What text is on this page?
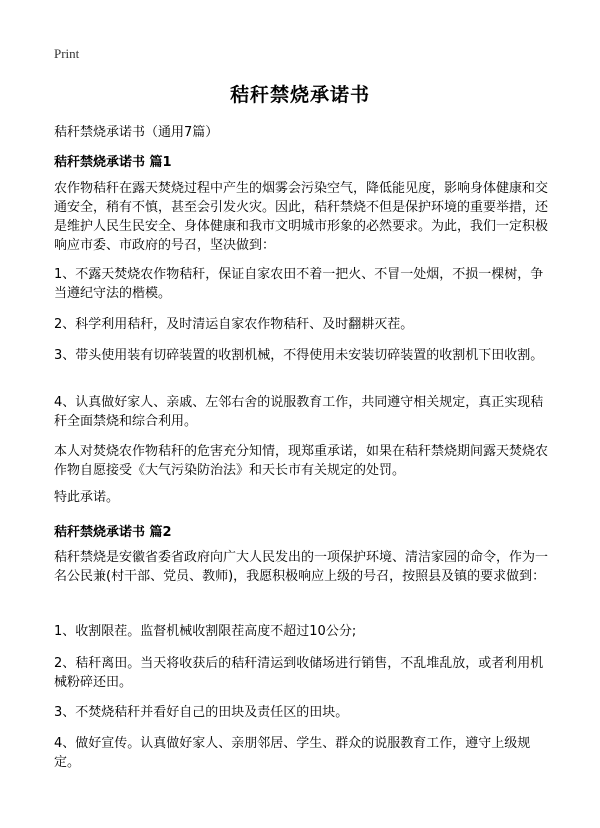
Print
秸秆禁烧承诺书

秸秆禁烧承诺书（通用7篇）

秸秆禁烧承诺书 篇1

农作物秸秆在露天焚烧过程中产生的烟雾会污染空气，降低能见度，影响身体健康和交通安全，稍有不慎，甚至会引发火灾。因此，秸秆禁烧不但是保护环境的重要举措，还是维护人民生民安全、身体健康和我市文明城市形象的必然要求。为此，我们一定积极响应市委、市政府的号召，坚决做到：

1、不露天焚烧农作物秸秆，保证自家农田不着一把火、不冒一处烟，不损一棵树，争当遵纪守法的楷模。

2、科学利用秸秆，及时清运自家农作物秸秆、及时翻耕灭茬。

3、带头使用装有切碎装置的收割机械，不得使用未安装切碎装置的收割机下田收割。

4、认真做好家人、亲戚、左邻右舍的说服教育工作，共同遵守相关规定，真正实现秸秆全面禁烧和综合利用。

本人对焚烧农作物秸秆的危害充分知情，现郑重承诺，如果在秸秆禁烧期间露天焚烧农作物自愿接受《大气污染防治法》和天长市有关规定的处罚。

特此承诺。

秸秆禁烧承诺书 篇2

秸秆禁烧是安徽省委省政府向广大人民发出的一项保护环境、清洁家园的命令，作为一名公民兼(村干部、党员、教师)，我愿积极响应上级的号召，按照县及镇的要求做到：

1、收割限茬。监督机械收割限茬高度不超过10公分;

2、秸秆离田。当天将收获后的秸秆清运到收储场进行销售，不乱堆乱放，或者利用机械粉碎还田。

3、不焚烧秸秆并看好自己的田块及责任区的田块。

4、做好宣传。认真做好家人、亲朋邻居、学生、群众的说服教育工作，遵守上级规定。
